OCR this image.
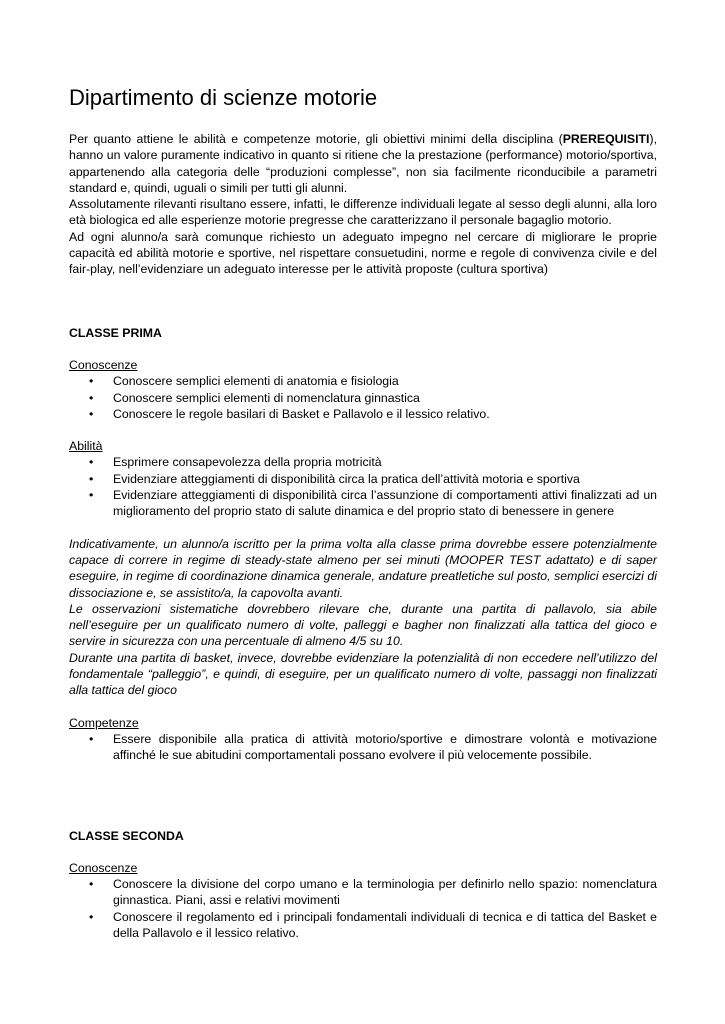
Dipartimento di scienze motorie

Per quanto attiene le abilità e competenze motorie, gli obiettivi minimi della disciplina (PREREQUISITI), hanno un valore puramente indicativo in quanto si ritiene che la prestazione (performance) motorio/sportiva, appartenendo alla categoria delle “produzioni complesse”, non sia facilmente riconducibile a parametri standard e, quindi, uguali o simili per tutti gli alunni.

Assolutamente rilevanti risultano essere, infatti, le differenze individuali legate al sesso degli alunni, alla loro età biologica ed alle esperienze motorie pregresse che caratterizzano il personale bagaglio motorio.

Ad ogni alunno/a sarà comunque richiesto un adeguato impegno nel cercare di migliorare le proprie capacità ed abilità motorie e sportive, nel rispettare consuetudini, norme e regole di convivenza civile e del fair-play, nell’evidenziare un adeguato interesse per le attività proposte (cultura sportiva)

CLASSE PRIMA

Conoscenze

• Conoscere semplici elementi di anatomia e fisiologia
• Conoscere semplici elementi di nomenclatura ginnastica
• Conoscere le regole basilari di Basket e Pallavolo e il lessico relativo.

Abilità

• Esprimere consapevolezza della propria motricità
• Evidenziare atteggiamenti di disponibilità circa la pratica dell’attività motoria e sportiva
• Evidenziare atteggiamenti di disponibilità circa l’assunzione di comportamenti attivi finalizzati ad un miglioramento del proprio stato di salute dinamica e del proprio stato di benessere in genere

Indicativamente, un alunno/a iscritto per la prima volta alla classe prima dovrebbe essere potenzialmente capace di correre in regime di steady-state almeno per sei minuti (MOOPER TEST adattato) e di saper eseguire, in regime di coordinazione dinamica generale, andature preatletiche sul posto, semplici esercizi di dissociazione e, se assistito/a, la capovolta avanti.

Le osservazioni sistematiche dovrebbero rilevare che, durante una partita di pallavolo, sia abile nell’eseguire per un qualificato numero di volte, palleggi e bagher non finalizzati alla tattica del gioco e servire in sicurezza con una percentuale di almeno 4/5 su 10.

Durante una partita di basket, invece, dovrebbe evidenziare la potenzialità di non eccedere nell’utilizzo del fondamentale “palleggio”, e quindi, di eseguire, per un qualificato numero di volte, passaggi non finalizzati alla tattica del gioco

Competenze

• Essere disponibile alla pratica di attività motorio/sportive e dimostrare volontà e motivazione affinché le sue abitudini comportamentali possano evolvere il più velocemente possibile.

CLASSE SECONDA

Conoscenze

• Conoscere la divisione del corpo umano e la terminologia per definirlo nello spazio: nomenclatura ginnastica. Piani, assi e relativi movimenti
• Conoscere il regolamento ed i principali fondamentali individuali di tecnica e di tattica del Basket e della Pallavolo e il lessico relativo.
